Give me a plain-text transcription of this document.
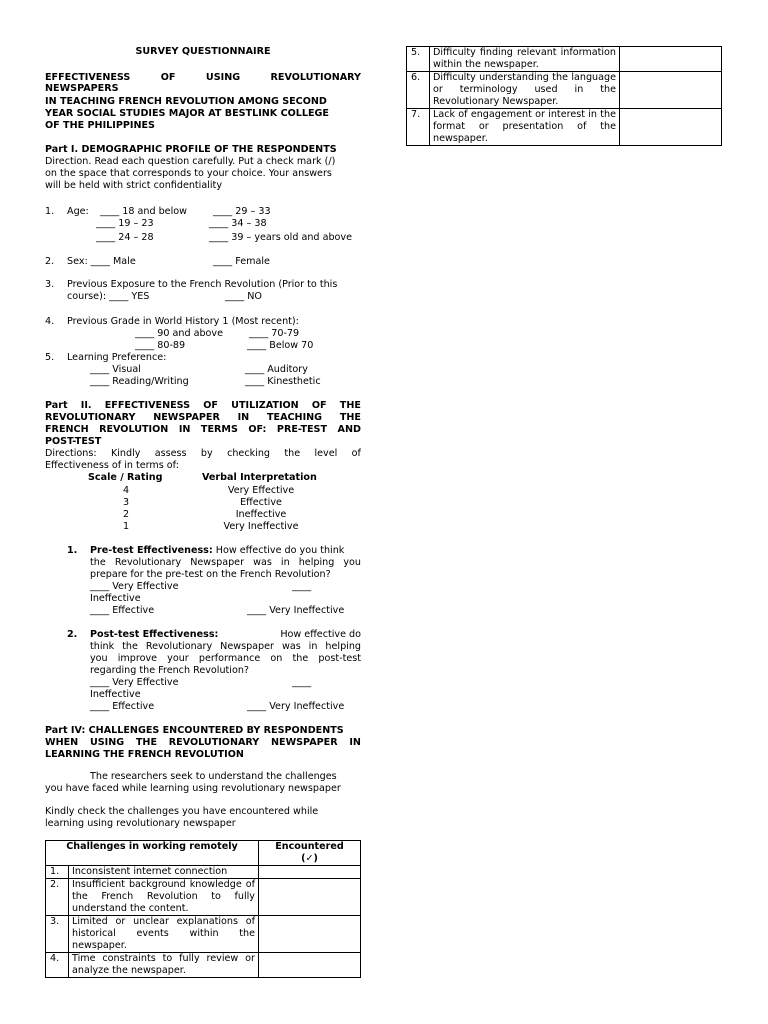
SURVEY QUESTIONNAIRE
EFFECTIVENESS	OF	USING	REVOLUTIONARY
NEWSPAPERS
IN TEACHING FRENCH REVOLUTION AMONG SECOND
YEAR SOCIAL STUDIES MAJOR AT BESTLINK COLLEGE
OF THE PHILIPPINES
Part I. DEMOGRAPHIC PROFILE OF THE RESPONDENTS
Direction. Read each question carefully. Put a check mark (/)
on the space that corresponds to your choice. Your answers
will be held with strict confidentiality
1. Age: ____ 18 and below	____ 29 – 33
____ 19 – 23	____ 34 – 38
____ 24 – 28	____ 39 – years old and above
2. Sex: ____ Male	____ Female
3. Previous Exposure to the French Revolution (Prior to this
course): ____ YES	____ NO
4. Previous Grade in World History 1 (Most recent):
____ 90 and above	____ 70-79
____ 80-89	____ Below 70
5. Learning Preference:
____ Visual	____ Auditory
____ Reading/Writing	____ Kinesthetic
Part II. EFFECTIVENESS OF UTILIZATION OF THE
REVOLUTIONARY NEWSPAPER IN TEACHING THE
FRENCH REVOLUTION IN TERMS OF: PRE-TEST AND
POST-TEST
Directions: Kindly assess by checking the level of
Effectiveness of in terms of:
Scale / Rating	Verbal Interpretation
4	Very Effective
3	Effective
2	Ineffective
1	Very Ineffective
1. Pre-test Effectiveness: How effective do you think
the Revolutionary Newspaper was in helping you
prepare for the pre-test on the French Revolution?
____ Very Effective	____
Ineffective
____ Effective	____ Very Ineffective
2. Post-test Effectiveness:	How effective do
think the Revolutionary Newspaper was in helping
you improve your performance on the post-test
regarding the French Revolution?
____ Very Effective	____
Ineffective
____ Effective	____ Very Ineffective
Part IV: CHALLENGES ENCOUNTERED BY RESPONDENTS
WHEN USING THE REVOLUTIONARY NEWSPAPER IN
LEARNING THE FRENCH REVOLUTION
The researchers seek to understand the challenges
you have faced while learning using revolutionary newspaper
Kindly check the challenges you have encountered while
learning using revolutionary newspaper
Challenges in working remotely		Encountered
(✓)
1.	Inconsistent internet connection	
2.	Insufficient background knowledge of the French Revolution to fully understand the content.	
3.	Limited or unclear explanations of historical events within the newspaper.	
4.	Time constraints to fully review or analyze the newspaper.	
5.	Difficulty finding relevant information within the newspaper.	
6.	Difficulty understanding the language or terminology used in the Revolutionary Newspaper.	
7.	Lack of engagement or interest in the format or presentation of the newspaper.	
